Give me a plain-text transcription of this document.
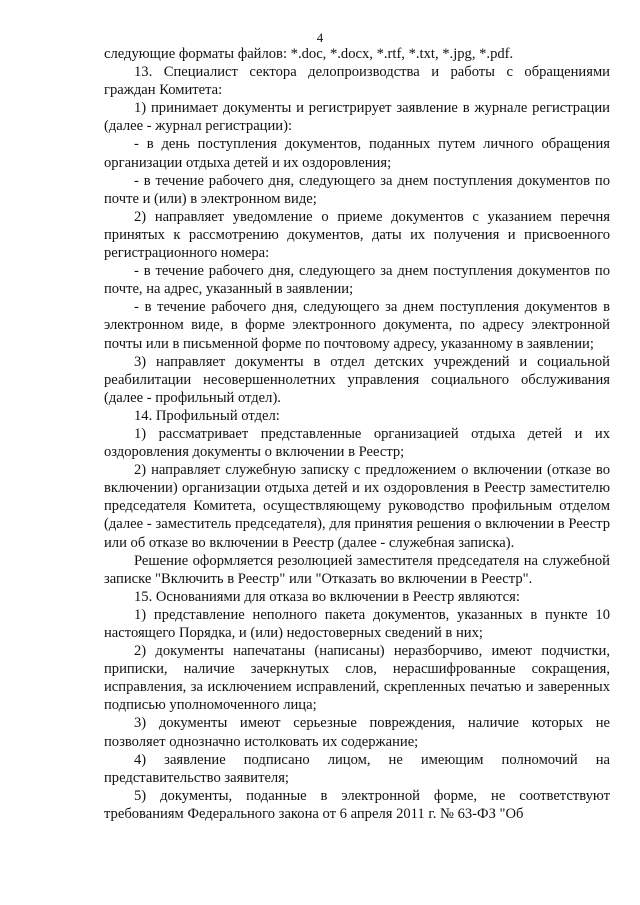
4

следующие форматы файлов: *.doc, *.docx, *.rtf, *.txt, *.jpg, *.pdf.

13. Специалист сектора делопроизводства и работы с обращениями граждан Комитета:

1) принимает документы и регистрирует заявление в журнале регистрации (далее - журнал регистрации):

- в день поступления документов, поданных путем личного обращения организации отдыха детей и их оздоровления;

- в течение рабочего дня, следующего за днем поступления документов по почте и (или) в электронном виде;

2) направляет уведомление о приеме документов с указанием перечня принятых к рассмотрению документов, даты их получения и присвоенного регистрационного номера:

- в течение рабочего дня, следующего за днем поступления документов по почте, на адрес, указанный в заявлении;

- в течение рабочего дня, следующего за днем поступления документов в электронном виде, в форме электронного документа, по адресу электронной почты или в письменной форме по почтовому адресу, указанному в заявлении;

3) направляет документы в отдел детских учреждений и социальной реабилитации несовершеннолетних управления социального обслуживания (далее - профильный отдел).

14. Профильный отдел:

1) рассматривает представленные организацией отдыха детей и их оздоровления документы о включении в Реестр;

2) направляет служебную записку с предложением о включении (отказе во включении) организации отдыха детей и их оздоровления в Реестр заместителю председателя Комитета, осуществляющему руководство профильным отделом (далее - заместитель председателя), для принятия решения о включении в Реестр или об отказе во включении в Реестр (далее - служебная записка).

Решение оформляется резолюцией заместителя председателя на служебной записке "Включить в Реестр" или "Отказать во включении в Реестр".

15. Основаниями для отказа во включении в Реестр являются:

1) представление неполного пакета документов, указанных в пункте 10 настоящего Порядка, и (или) недостоверных сведений в них;

2) документы напечатаны (написаны) неразборчиво, имеют подчистки, приписки, наличие зачеркнутых слов, нерасшифрованные сокращения, исправления, за исключением исправлений, скрепленных печатью и заверенных подписью уполномоченного лица;

3) документы имеют серьезные повреждения, наличие которых не позволяет однозначно истолковать их содержание;

4) заявление подписано лицом, не имеющим полномочий на представительство заявителя;

5) документы, поданные в электронной форме, не соответствуют требованиям Федерального закона от 6 апреля 2011 г. № 63-ФЗ "Об
